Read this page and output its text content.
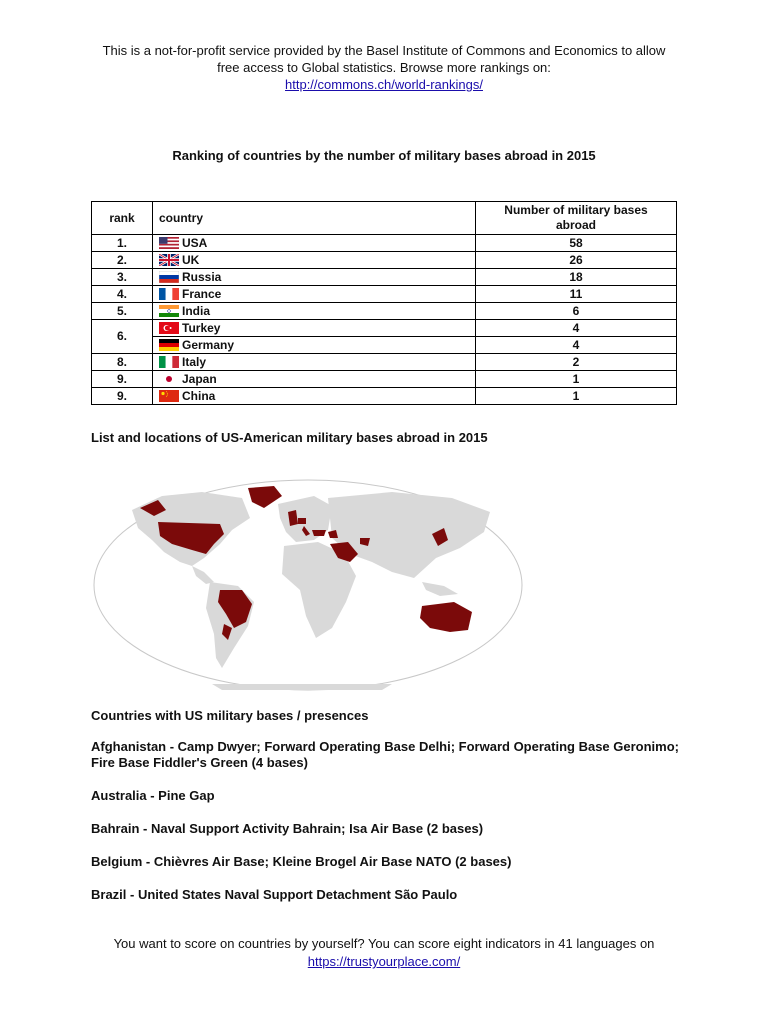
This is a not-for-profit service provided by the Basel Institute of Commons and Economics to allow
free access to Global statistics. Browse more rankings on:
http://commons.ch/world-rankings/
Ranking of countries by the number of military bases abroad in 2015
rank	country	Number of military bases
abroad

1.	USA	58
2.	UK	26
3.	Russia	18
4.	France	11
5.	India	6
6.	Turkey	4

Germany	4
8.	Italy	2
9.	Japan	1
9.	China	1
List and locations of US-American military bases abroad in 2015
Countries with US military bases / presences
Afghanistan - Camp Dwyer; Forward Operating Base Delhi; Forward Operating Base Geronimo; Fire Base Fiddler's Green (4 bases)
Australia - Pine Gap
Bahrain - Naval Support Activity Bahrain; Isa Air Base (2 bases)
Belgium - Chièvres Air Base; Kleine Brogel Air Base NATO (2 bases)
Brazil - United States Naval Support Detachment São Paulo
You want to score on countries by yourself? You can score eight indicators in 41 languages on
https://trustyourplace.com/
